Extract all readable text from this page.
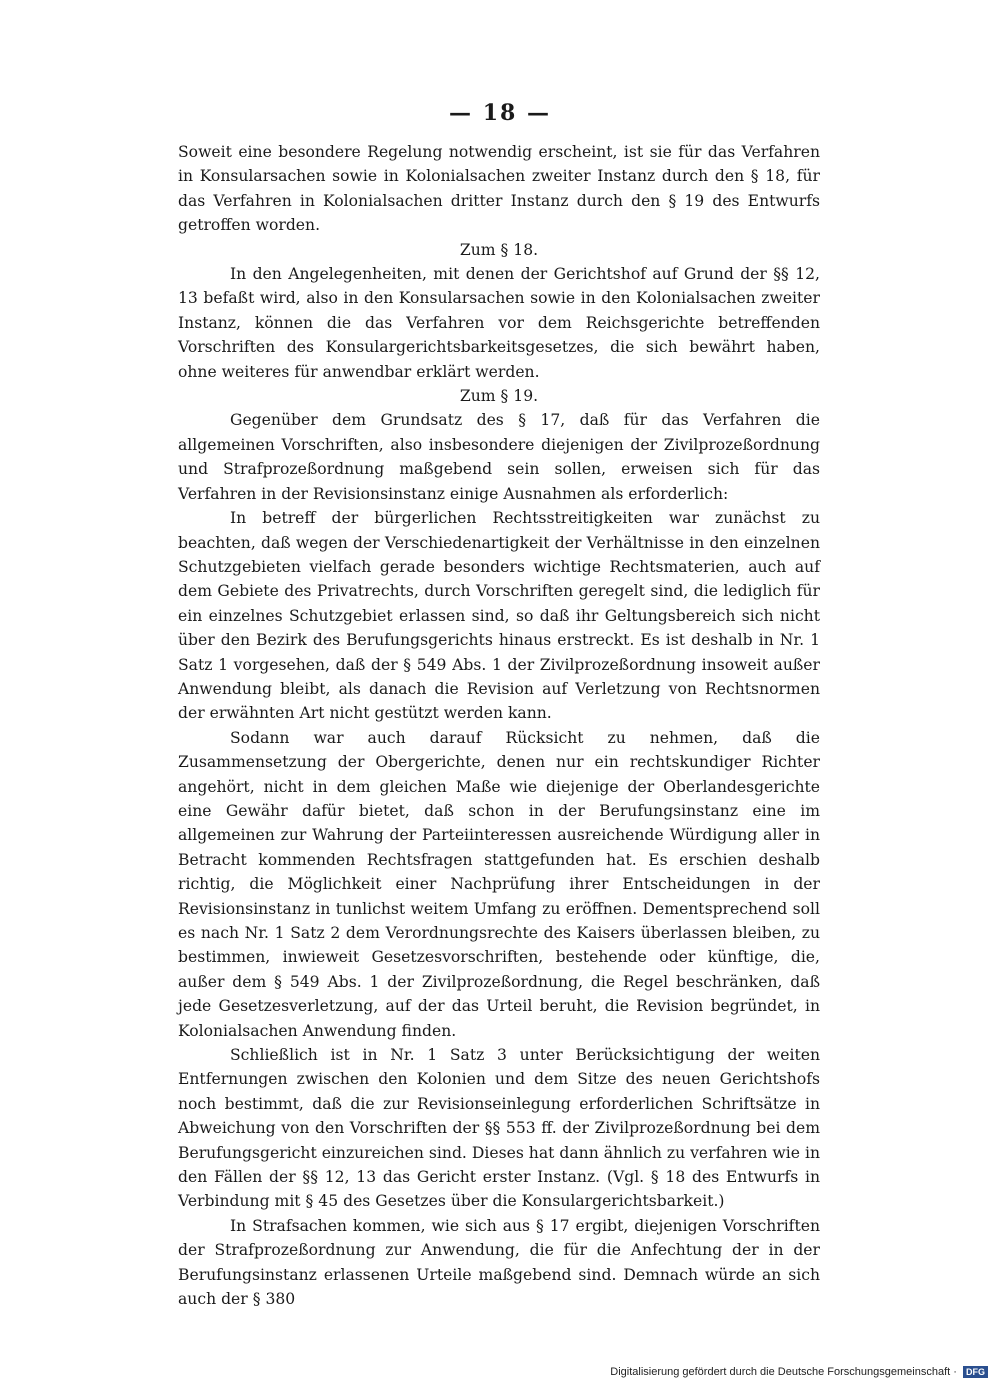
— 18 —

Soweit eine besondere Regelung notwendig erscheint, ist sie für das Verfahren in Konsularsachen sowie in Kolonialsachen zweiter Instanz durch den § 18, für das Verfahren in Kolonialsachen dritter Instanz durch den § 19 des Entwurfs getroffen worden.

Zum § 18.

In den Angelegenheiten, mit denen der Gerichtshof auf Grund der §§ 12, 13 befaßt wird, also in den Konsularsachen sowie in den Kolonialsachen zweiter Instanz, können die das Verfahren vor dem Reichsgerichte betreffenden Vorschriften des Konsulargerichtsbarkeitsgesetzes, die sich bewährt haben, ohne weiteres für anwendbar erklärt werden.

Zum § 19.

Gegenüber dem Grundsatz des § 17, daß für das Verfahren die allgemeinen Vorschriften, also insbesondere diejenigen der Zivilprozeßordnung und Strafprozeßordnung maßgebend sein sollen, erweisen sich für das Verfahren in der Revisionsinstanz einige Ausnahmen als erforderlich:

In betreff der bürgerlichen Rechtsstreitigkeiten war zunächst zu beachten, daß wegen der Verschiedenartigkeit der Verhältnisse in den einzelnen Schutzgebieten vielfach gerade besonders wichtige Rechtsmaterien, auch auf dem Gebiete des Privatrechts, durch Vorschriften geregelt sind, die lediglich für ein einzelnes Schutzgebiet erlassen sind, so daß ihr Geltungsbereich sich nicht über den Bezirk des Berufungsgerichts hinaus erstreckt. Es ist deshalb in Nr. 1 Satz 1 vorgesehen, daß der § 549 Abs. 1 der Zivilprozeßordnung insoweit außer Anwendung bleibt, als danach die Revision auf Verletzung von Rechtsnormen der erwähnten Art nicht gestützt werden kann.

Sodann war auch darauf Rücksicht zu nehmen, daß die Zusammensetzung der Obergerichte, denen nur ein rechtskundiger Richter angehört, nicht in dem gleichen Maße wie diejenige der Oberlandesgerichte eine Gewähr dafür bietet, daß schon in der Berufungsinstanz eine im allgemeinen zur Wahrung der Parteiinteressen ausreichende Würdigung aller in Betracht kommenden Rechtsfragen stattgefunden hat. Es erschien deshalb richtig, die Möglichkeit einer Nachprüfung ihrer Entscheidungen in der Revisionsinstanz in tunlichst weitem Umfang zu eröffnen. Dementsprechend soll es nach Nr. 1 Satz 2 dem Verordnungsrechte des Kaisers überlassen bleiben, zu bestimmen, inwieweit Gesetzesvorschriften, bestehende oder künftige, die, außer dem § 549 Abs. 1 der Zivilprozeßordnung, die Regel beschränken, daß jede Gesetzesverletzung, auf der das Urteil beruht, die Revision begründet, in Kolonialsachen Anwendung finden.

Schließlich ist in Nr. 1 Satz 3 unter Berücksichtigung der weiten Entfernungen zwischen den Kolonien und dem Sitze des neuen Gerichtshofs noch bestimmt, daß die zur Revisionseinlegung erforderlichen Schriftsätze in Abweichung von den Vorschriften der §§ 553 ff. der Zivilprozeßordnung bei dem Berufungsgericht einzureichen sind. Dieses hat dann ähnlich zu verfahren wie in den Fällen der §§ 12, 13 das Gericht erster Instanz. (Vgl. § 18 des Entwurfs in Verbindung mit § 45 des Gesetzes über die Konsulargerichtsbarkeit.)

In Strafsachen kommen, wie sich aus § 17 ergibt, diejenigen Vorschriften der Strafprozeßordnung zur Anwendung, die für die Anfechtung der in der Berufungsinstanz erlassenen Urteile maßgebend sind. Demnach würde an sich auch der § 380

Digitalisierung gefördert durch die Deutsche Forschungsgemeinschaft · DFG
